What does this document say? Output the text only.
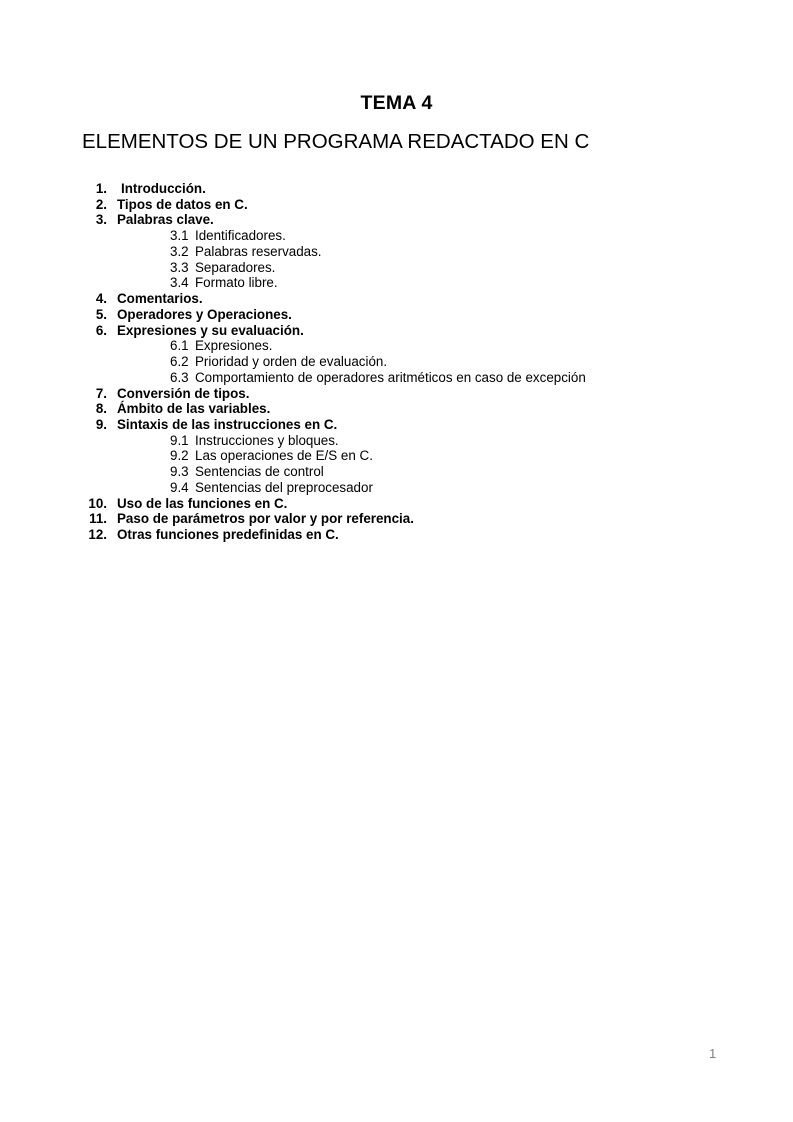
TEMA 4
ELEMENTOS DE UN PROGRAMA REDACTADO EN C
1. Introducción.
2. Tipos de datos en C.
3. Palabras clave.
3.1 Identificadores.
3.2 Palabras reservadas.
3.3 Separadores.
3.4 Formato libre.
4. Comentarios.
5. Operadores y Operaciones.
6. Expresiones y su evaluación.
6.1 Expresiones.
6.2 Prioridad y orden de evaluación.
6.3 Comportamiento de operadores aritméticos en caso de excepción
7. Conversión de tipos.
8. Ámbito de las variables.
9. Sintaxis de las instrucciones en C.
9.1 Instrucciones y bloques.
9.2 Las operaciones de E/S en C.
9.3 Sentencias de control
9.4 Sentencias del preprocesador
10. Uso de las funciones en C.
11. Paso de parámetros por valor y por referencia.
12. Otras funciones predefinidas en C.
1
